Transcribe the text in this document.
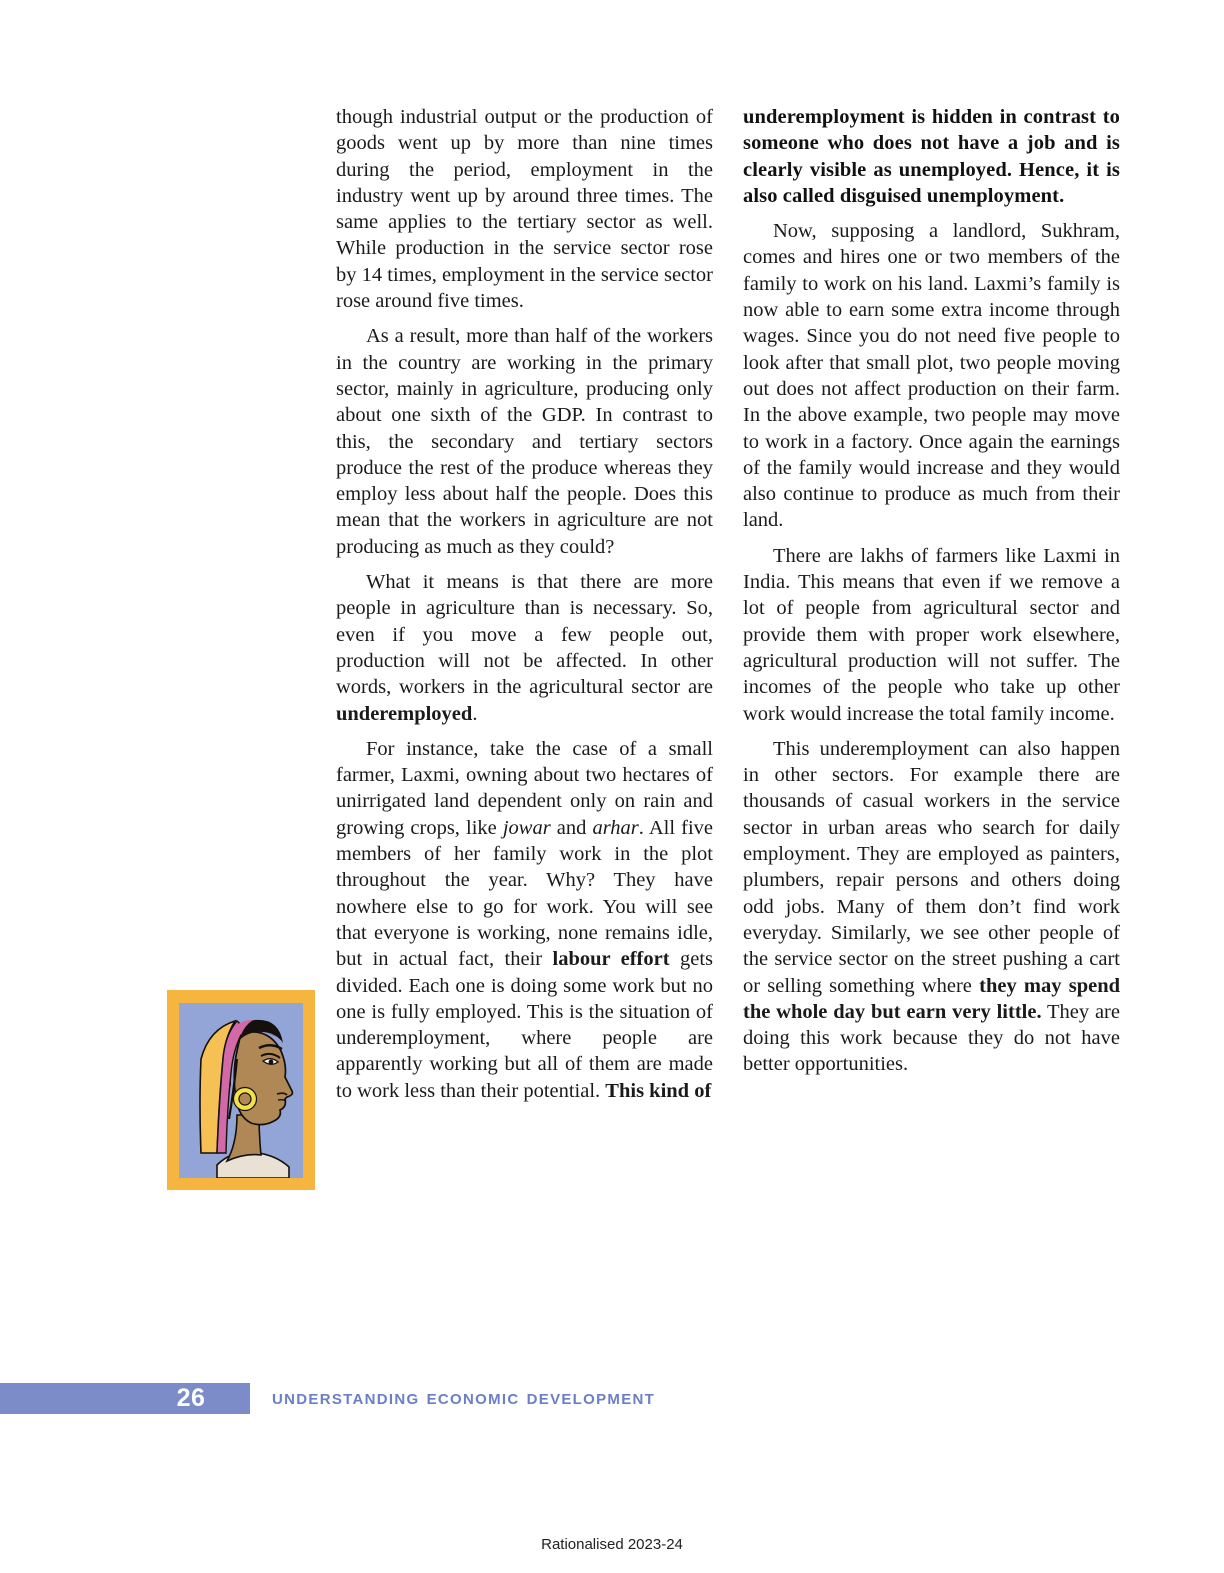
though industrial output or the production of goods went up by more than nine times during the period, employment in the industry went up by around three times. The same applies to the tertiary sector as well. While production in the service sector rose by 14 times, employment in the service sector rose around five times.

As a result, more than half of the workers in the country are working in the primary sector, mainly in agriculture, producing only about one sixth of the GDP. In contrast to this, the secondary and tertiary sectors produce the rest of the produce whereas they employ less about half the people. Does this mean that the workers in agriculture are not producing as much as they could?

What it means is that there are more people in agriculture than is necessary. So, even if you move a few people out, production will not be affected. In other words, workers in the agricultural sector are underemployed.

For instance, take the case of a small farmer, Laxmi, owning about two hectares of unirrigated land dependent only on rain and growing crops, like jowar and arhar. All five members of her family work in the plot throughout the year. Why? They have nowhere else to go for work. You will see that everyone is working, none remains idle, but in actual fact, their labour effort gets divided. Each one is doing some work but no one is fully employed. This is the situation of underemployment, where people are apparently working but all of them are made to work less than their potential. This kind of

underemployment is hidden in contrast to someone who does not have a job and is clearly visible as unemployed. Hence, it is also called disguised unemployment.

Now, supposing a landlord, Sukhram, comes and hires one or two members of the family to work on his land. Laxmi’s family is now able to earn some extra income through wages. Since you do not need five people to look after that small plot, two people moving out does not affect production on their farm. In the above example, two people may move to work in a factory. Once again the earnings of the family would increase and they would also continue to produce as much from their land.

There are lakhs of farmers like Laxmi in India. This means that even if we remove a lot of people from agricultural sector and provide them with proper work elsewhere, agricultural production will not suffer. The incomes of the people who take up other work would increase the total family income.

This underemployment can also happen in other sectors. For example there are thousands of casual workers in the service sector in urban areas who search for daily employment. They are employed as painters, plumbers, repair persons and others doing odd jobs. Many of them don’t find work everyday. Similarly, we see other people of the service sector on the street pushing a cart or selling something where they may spend the whole day but earn very little. They are doing this work because they do not have better opportunities.

26	understanding economic development
Rationalised 2023-24
